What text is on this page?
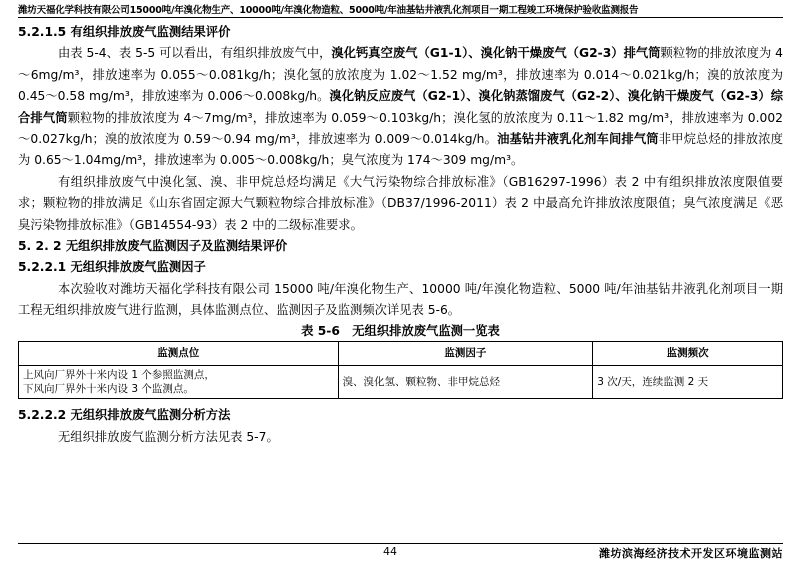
潍坊天福化学科技有限公司15000吨/年溴化物生产、10000吨/年溴化物造粒、5000吨/年油基钻井液乳化剂项目一期工程竣工环境保护验收监测报告
5.2.1.5 有组织排放废气监测结果评价
由表 5-4、表 5-5 可以看出，有组织排放废气中，溴化钙真空废气（G1-1）、溴化钠干燥废气（G2-3）排气筒颗粒物的排放浓度为 4～6mg/m³，排放速率为 0.055～0.081kg/h；溴化氢的放浓度为 1.02～1.52 mg/m³，排放速率为 0.014～0.021kg/h；溴的放浓度为 0.45～0.58 mg/m³，排放速率为 0.006～0.008kg/h。溴化钠反应废气（G2-1）、溴化钠蒸馏废气（G2-2）、溴化钠干燥废气（G2-3）综合排气筒颗粒物的排放浓度为 4～7mg/m³，排放速率为 0.059～0.103kg/h；溴化氢的放浓度为 0.11～1.82 mg/m³，排放速率为 0.002～0.027kg/h；溴的放浓度为 0.59～0.94 mg/m³，排放速率为 0.009～0.014kg/h。油基钻井液乳化剂车间排气筒非甲烷总烃的排放浓度为 0.65～1.04mg/m³，排放速率为 0.005～0.008kg/h；臭气浓度为 174～309 mg/m³。
有组织排放废气中溴化氢、溴、非甲烷总烃均满足《大气污染物综合排放标准》（GB16297-1996）表 2 中有组织排放浓度限值要求；颗粒物的排放满足《山东省固定源大气颗粒物综合排放标准》（DB37/1996-2011）表 2 中最高允许排放浓度限值；臭气浓度满足《恶臭污染物排放标准》（GB14554-93）表 2 中的二级标准要求。
5. 2. 2 无组织排放废气监测因子及监测结果评价
5.2.2.1 无组织排放废气监测因子
本次验收对潍坊天福化学科技有限公司 15000 吨/年溴化物生产、10000 吨/年溴化物造粒、5000 吨/年油基钻井液乳化剂项目一期工程无组织排放废气进行监测，具体监测点位、监测因子及监测频次详见表 5-6。
表 5-6　无组织排放废气监测一览表
监测点位	监测因子	监测频次

上风向厂界外十米内设 1 个参照监测点，
下风向厂界外十米内设 3 个监测点。	溴、溴化氢、颗粒物、非甲烷总烃	3 次/天，连续监测 2 天
5.2.2.2 无组织排放废气监测分析方法
无组织排放废气监测分析方法见表 5-7。
44	潍坊滨海经济技术开发区环境监测站
